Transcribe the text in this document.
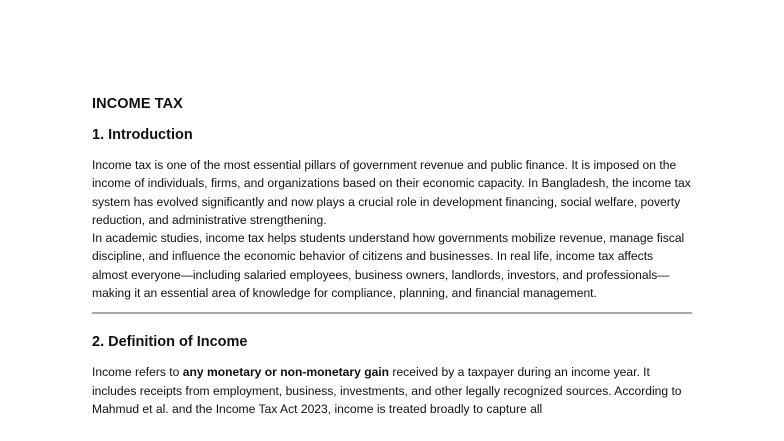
INCOME TAX
1. Introduction

Income tax is one of the most essential pillars of government revenue and public finance. It is imposed on the income of individuals, firms, and organizations based on their economic capacity. In Bangladesh, the income tax system has evolved significantly and now plays a crucial role in development financing, social welfare, poverty reduction, and administrative strengthening.

In academic studies, income tax helps students understand how governments mobilize revenue, manage fiscal discipline, and influence the economic behavior of citizens and businesses. In real life, income tax affects almost everyone—including salaried employees, business owners, landlords, investors, and professionals—making it an essential area of knowledge for compliance, planning, and financial management.

2. Definition of Income

Income refers to any monetary or non-monetary gain received by a taxpayer during an income year. It includes receipts from employment, business, investments, and other legally recognized sources. According to Mahmud et al. and the Income Tax Act 2023, income is treated broadly to capture all
